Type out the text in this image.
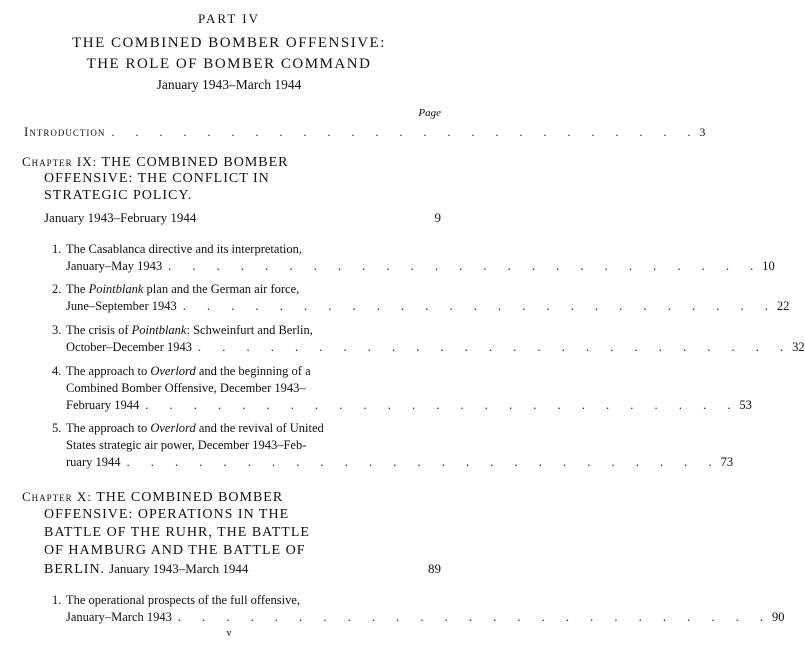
PART IV
THE COMBINED BOMBER OFFENSIVE:
THE ROLE OF BOMBER COMMAND
January 1943–March 1944
Page
Introduction . . . . . . . . . . . . . . . . . . . . . . . . . 3
Chapter IX: THE COMBINED BOMBER
OFFENSIVE: THE CONFLICT IN
STRATEGIC POLICY.
January 1943–February 1944	9
1. The Casablanca directive and its interpretation,
January–May 1943 . . . . . . . . . . . . . . . . . . . . . . . . . 10
2. The Pointblank plan and the German air force,
June–September 1943 . . . . . . . . . . . . . . . . . . . . . . . . . 22
3. The crisis of Pointblank: Schweinfurt and Berlin,
October–December 1943 . . . . . . . . . . . . . . . . . . . . . . . . . 32
4. The approach to Overlord and the beginning of a
Combined Bomber Offensive, December 1943–
February 1944 . . . . . . . . . . . . . . . . . . . . . . . . . 53
5. The approach to Overlord and the revival of United
States strategic air power, December 1943–Feb-
ruary 1944 . . . . . . . . . . . . . . . . . . . . . . . . . 73
Chapter X: THE COMBINED BOMBER
OFFENSIVE: OPERATIONS IN THE
BATTLE OF THE RUHR, THE BATTLE
OF HAMBURG AND THE BATTLE OF
BERLIN. January 1943–March 1944	89
1. The operational prospects of the full offensive,
January–March 1943 . . . . . . . . . . . . . . . . . . . . . . . . . 90
v
